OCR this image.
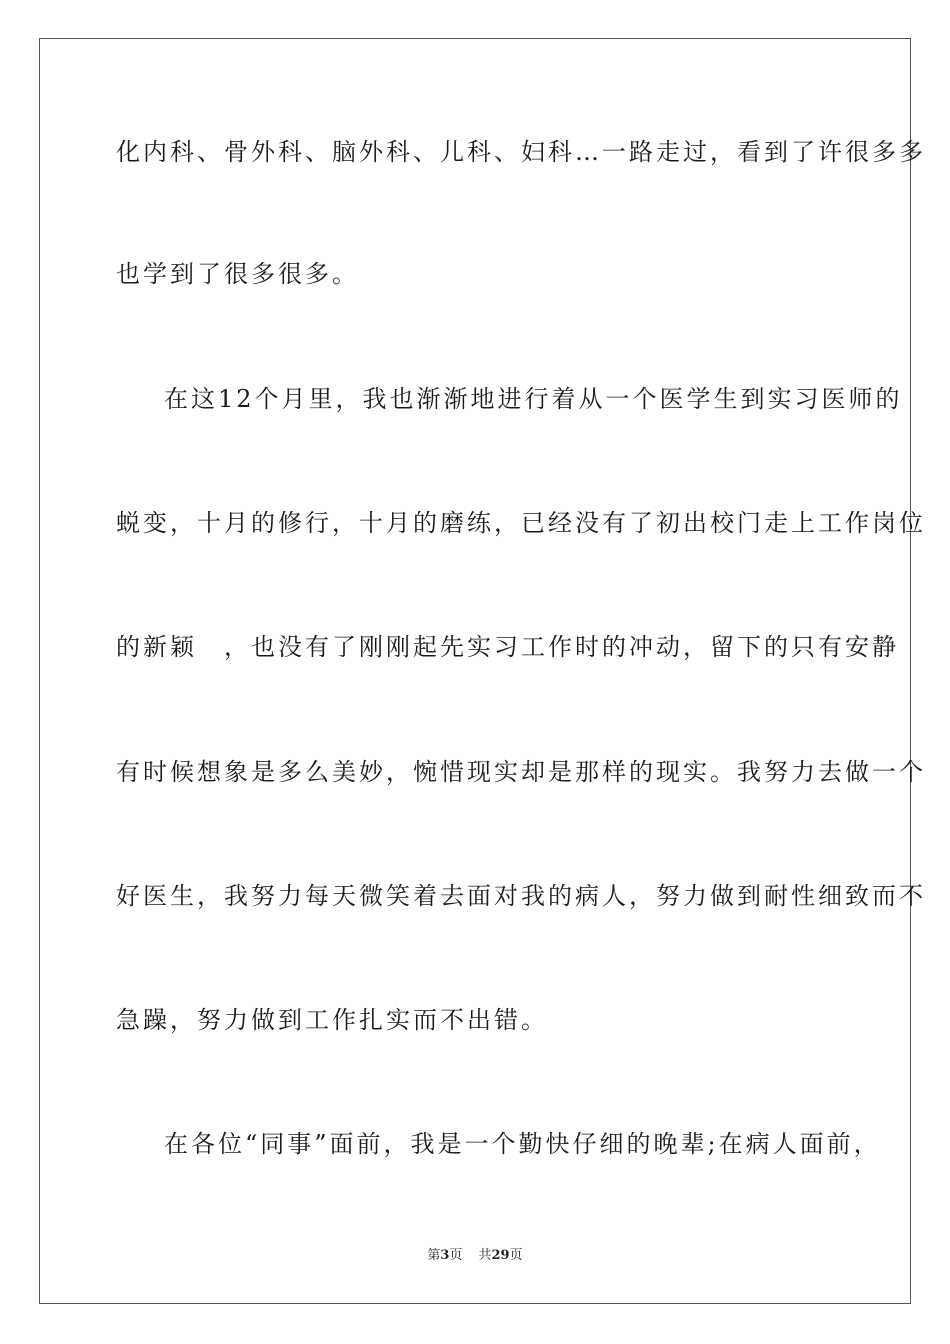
化内科、骨外科、脑外科、儿科、妇科…一路走过，看到了许很多多
也学到了很多很多。
在这12个月里，我也渐渐地进行着从一个医学生到实习医师的
蜕变，十月的修行，十月的磨练，已经没有了初出校门走上工作岗位
的新颖　，也没有了刚刚起先实习工作时的冲动，留下的只有安静
有时候想象是多么美妙，惋惜现实却是那样的现实。我努力去做一个
好医生，我努力每天微笑着去面对我的病人，努力做到耐性细致而不
急躁，努力做到工作扎实而不出错。
在各位“同事”面前，我是一个勤快仔细的晚辈;在病人面前，
第3页 共29页
